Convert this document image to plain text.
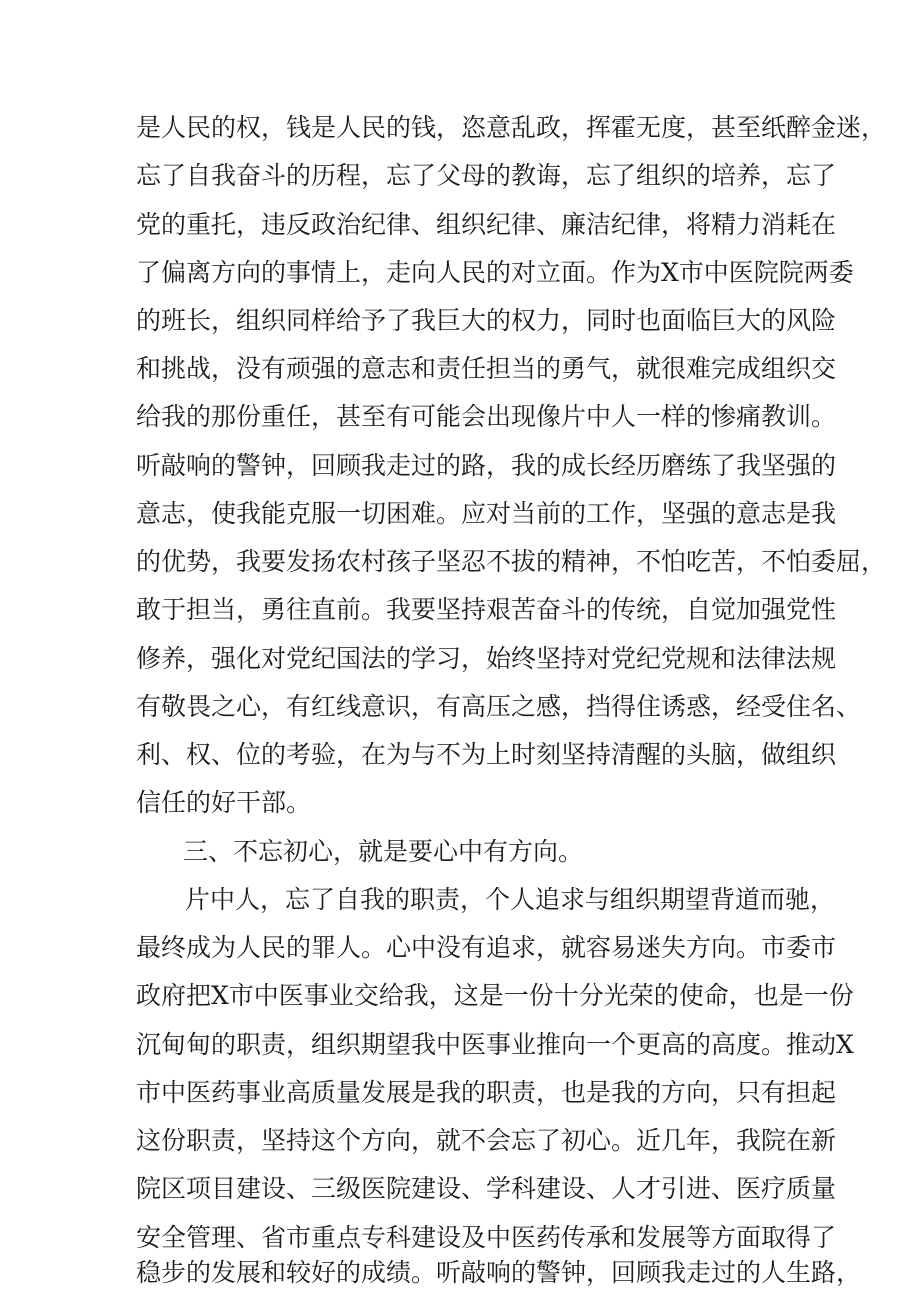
是人民的权，钱是人民的钱，恣意乱政，挥霍无度，甚至纸醉金迷，
忘了自我奋斗的历程，忘了父母的教诲，忘了组织的培养，忘了
党的重托，违反政治纪律、组织纪律、廉洁纪律，将精力消耗在
了偏离方向的事情上，走向人民的对立面。作为X市中医院院两委
的班长，组织同样给予了我巨大的权力，同时也面临巨大的风险
和挑战，没有顽强的意志和责任担当的勇气，就很难完成组织交
给我的那份重任，甚至有可能会出现像片中人一样的惨痛教训。
听敲响的警钟，回顾我走过的路，我的成长经历磨练了我坚强的
意志，使我能克服一切困难。应对当前的工作，坚强的意志是我
的优势，我要发扬农村孩子坚忍不拔的精神，不怕吃苦，不怕委屈，
敢于担当，勇往直前。我要坚持艰苦奋斗的传统，自觉加强党性
修养，强化对党纪国法的学习，始终坚持对党纪党规和法律法规
有敬畏之心，有红线意识，有高压之感，挡得住诱惑，经受住名、
利、权、位的考验，在为与不为上时刻坚持清醒的头脑，做组织
信任的好干部。
三、不忘初心，就是要心中有方向。
片中人，忘了自我的职责，个人追求与组织期望背道而驰，
最终成为人民的罪人。心中没有追求，就容易迷失方向。市委市
政府把X市中医事业交给我，这是一份十分光荣的使命，也是一份
沉甸甸的职责，组织期望我中医事业推向一个更高的高度。推动X
市中医药事业高质量发展是我的职责，也是我的方向，只有担起
这份职责，坚持这个方向，就不会忘了初心。近几年，我院在新
院区项目建设、三级医院建设、学科建设、人才引进、医疗质量
安全管理、省市重点专科建设及中医药传承和发展等方面取得了
稳步的发展和较好的成绩。听敲响的警钟，回顾我走过的人生路，
